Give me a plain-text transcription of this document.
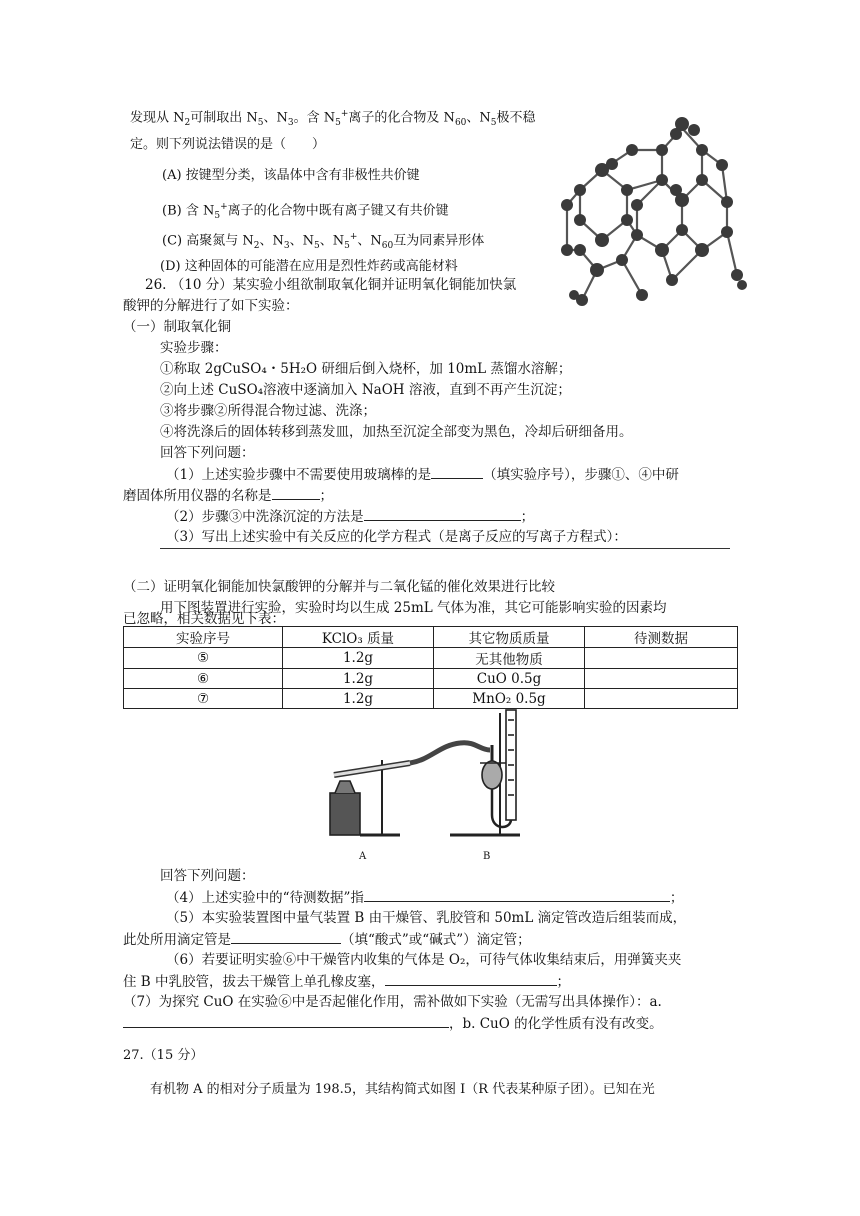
发现从 $N_2$可制取出 $N_5$、$N_3$。含 $N_5^+$离子的化合物及 $N_{60}$、$N_5$极不稳
定。则下列说法错误的是（　　）
(A) 按键型分类，该晶体中含有非极性共价键
(B) 含 $N_5^+$离子的化合物中既有离子键又有共价键
(C) 高聚氮与 $N_2$、$N_3$、$N_5$、$N_5^+$、$N_{60}$互为同素异形体
(D) 这种固体的可能潜在应用是烈性炸药或高能材料
26. （10 分）某实验小组欲制取氧化铜并证明氧化铜能加快氯
酸钾的分解进行了如下实验：
（一）制取氧化铜
实验步骤：
①称取 2gCuSO₄・5H₂O 研细后倒入烧杯，加 10mL 蒸馏水溶解；
②向上述 CuSO₄溶液中逐滴加入 NaOH 溶液，直到不再产生沉淀；
③将步骤②所得混合物过滤、洗涤；
④将洗涤后的固体转移到蒸发皿，加热至沉淀全部变为黑色，冷却后研细备用。
回答下列问题：
（1）上述实验步骤中不需要使用玻璃棒的是	（填实验序号），步骤①、④中研
磨固体所用仪器的名称是	；
（2）步骤③中洗涤沉淀的方法是	；
（3）写出上述实验中有关反应的化学方程式（是离子反应的写离子方程式）：
（二）证明氧化铜能加快氯酸钾的分解并与二氧化锰的催化效果进行比较
用下图装置进行实验，实验时均以生成 25mL 气体为准，其它可能影响实验的因素均
已忽略，相关数据见下表：
实验序号	KClO₃ 质量	其它物质质量	待测数据
⑤	1.2g	无其他物质	
⑥	1.2g	CuO 0.5g	
⑦	1.2g	MnO₂ 0.5g	
A	B
回答下列问题：
（4）上述实验中的“待测数据”指	；
（5）本实验装置图中量气装置 B 由干燥管、乳胶管和 50mL 滴定管改造后组装而成，
此处所用滴定管是	（填“酸式”或“碱式”）滴定管；
（6）若要证明实验⑥中干燥管内收集的气体是 O₂，可待气体收集结束后，用弹簧夹夹
住 B 中乳胶管，拔去干燥管上单孔橡皮塞，	；
（7）为探究 CuO 在实验⑥中是否起催化作用，需补做如下实验（无需写出具体操作）：a.
，b. CuO 的化学性质有没有改变。
27.（15 分）
有机物 A 的相对分子质量为 198.5，其结构简式如图 I（R 代表某种原子团）。已知在光
